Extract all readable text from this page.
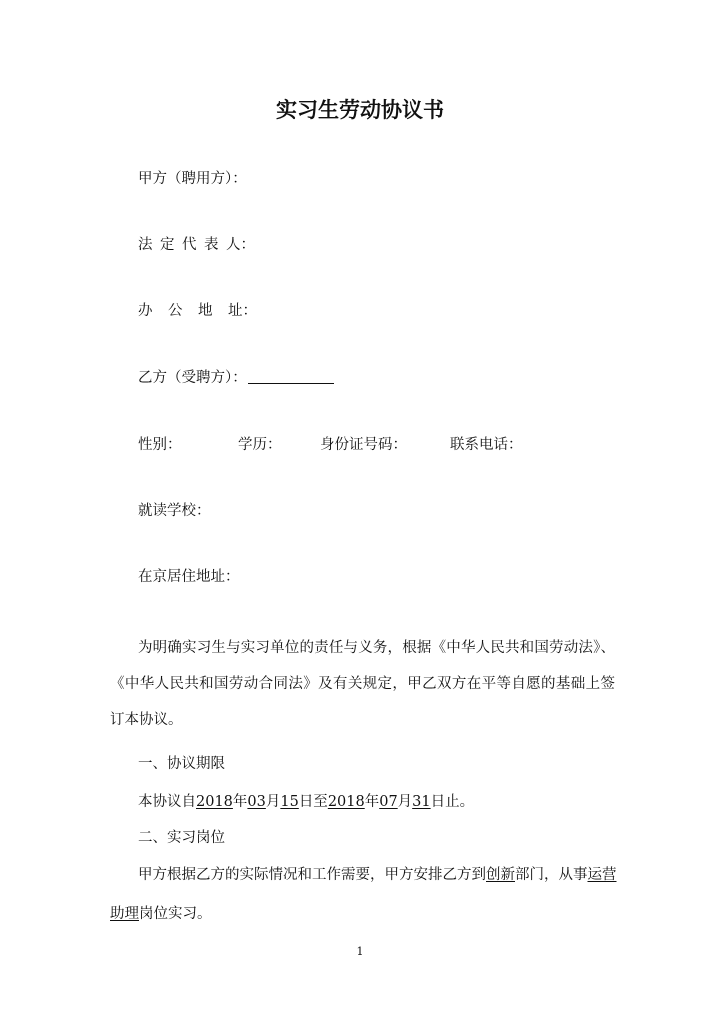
实习生劳动协议书
甲方（聘用方）：
法 定 代 表 人：
办 公 地 址：
乙方（受聘方）：
性别：	学历：	身份证号码：	联系电话：
就读学校：
在京居住地址：
为明确实习生与实习单位的责任与义务，根据《中华人民共和国劳动法》、《中华人民共和国劳动合同法》及有关规定，甲乙双方在平等自愿的基础上签订本协议。
一、协议期限
本协议自2018年03月15日至2018年07月31日止。
二、实习岗位
甲方根据乙方的实际情况和工作需要，甲方安排乙方到创新部门，从事运营
助理岗位实习。
1
